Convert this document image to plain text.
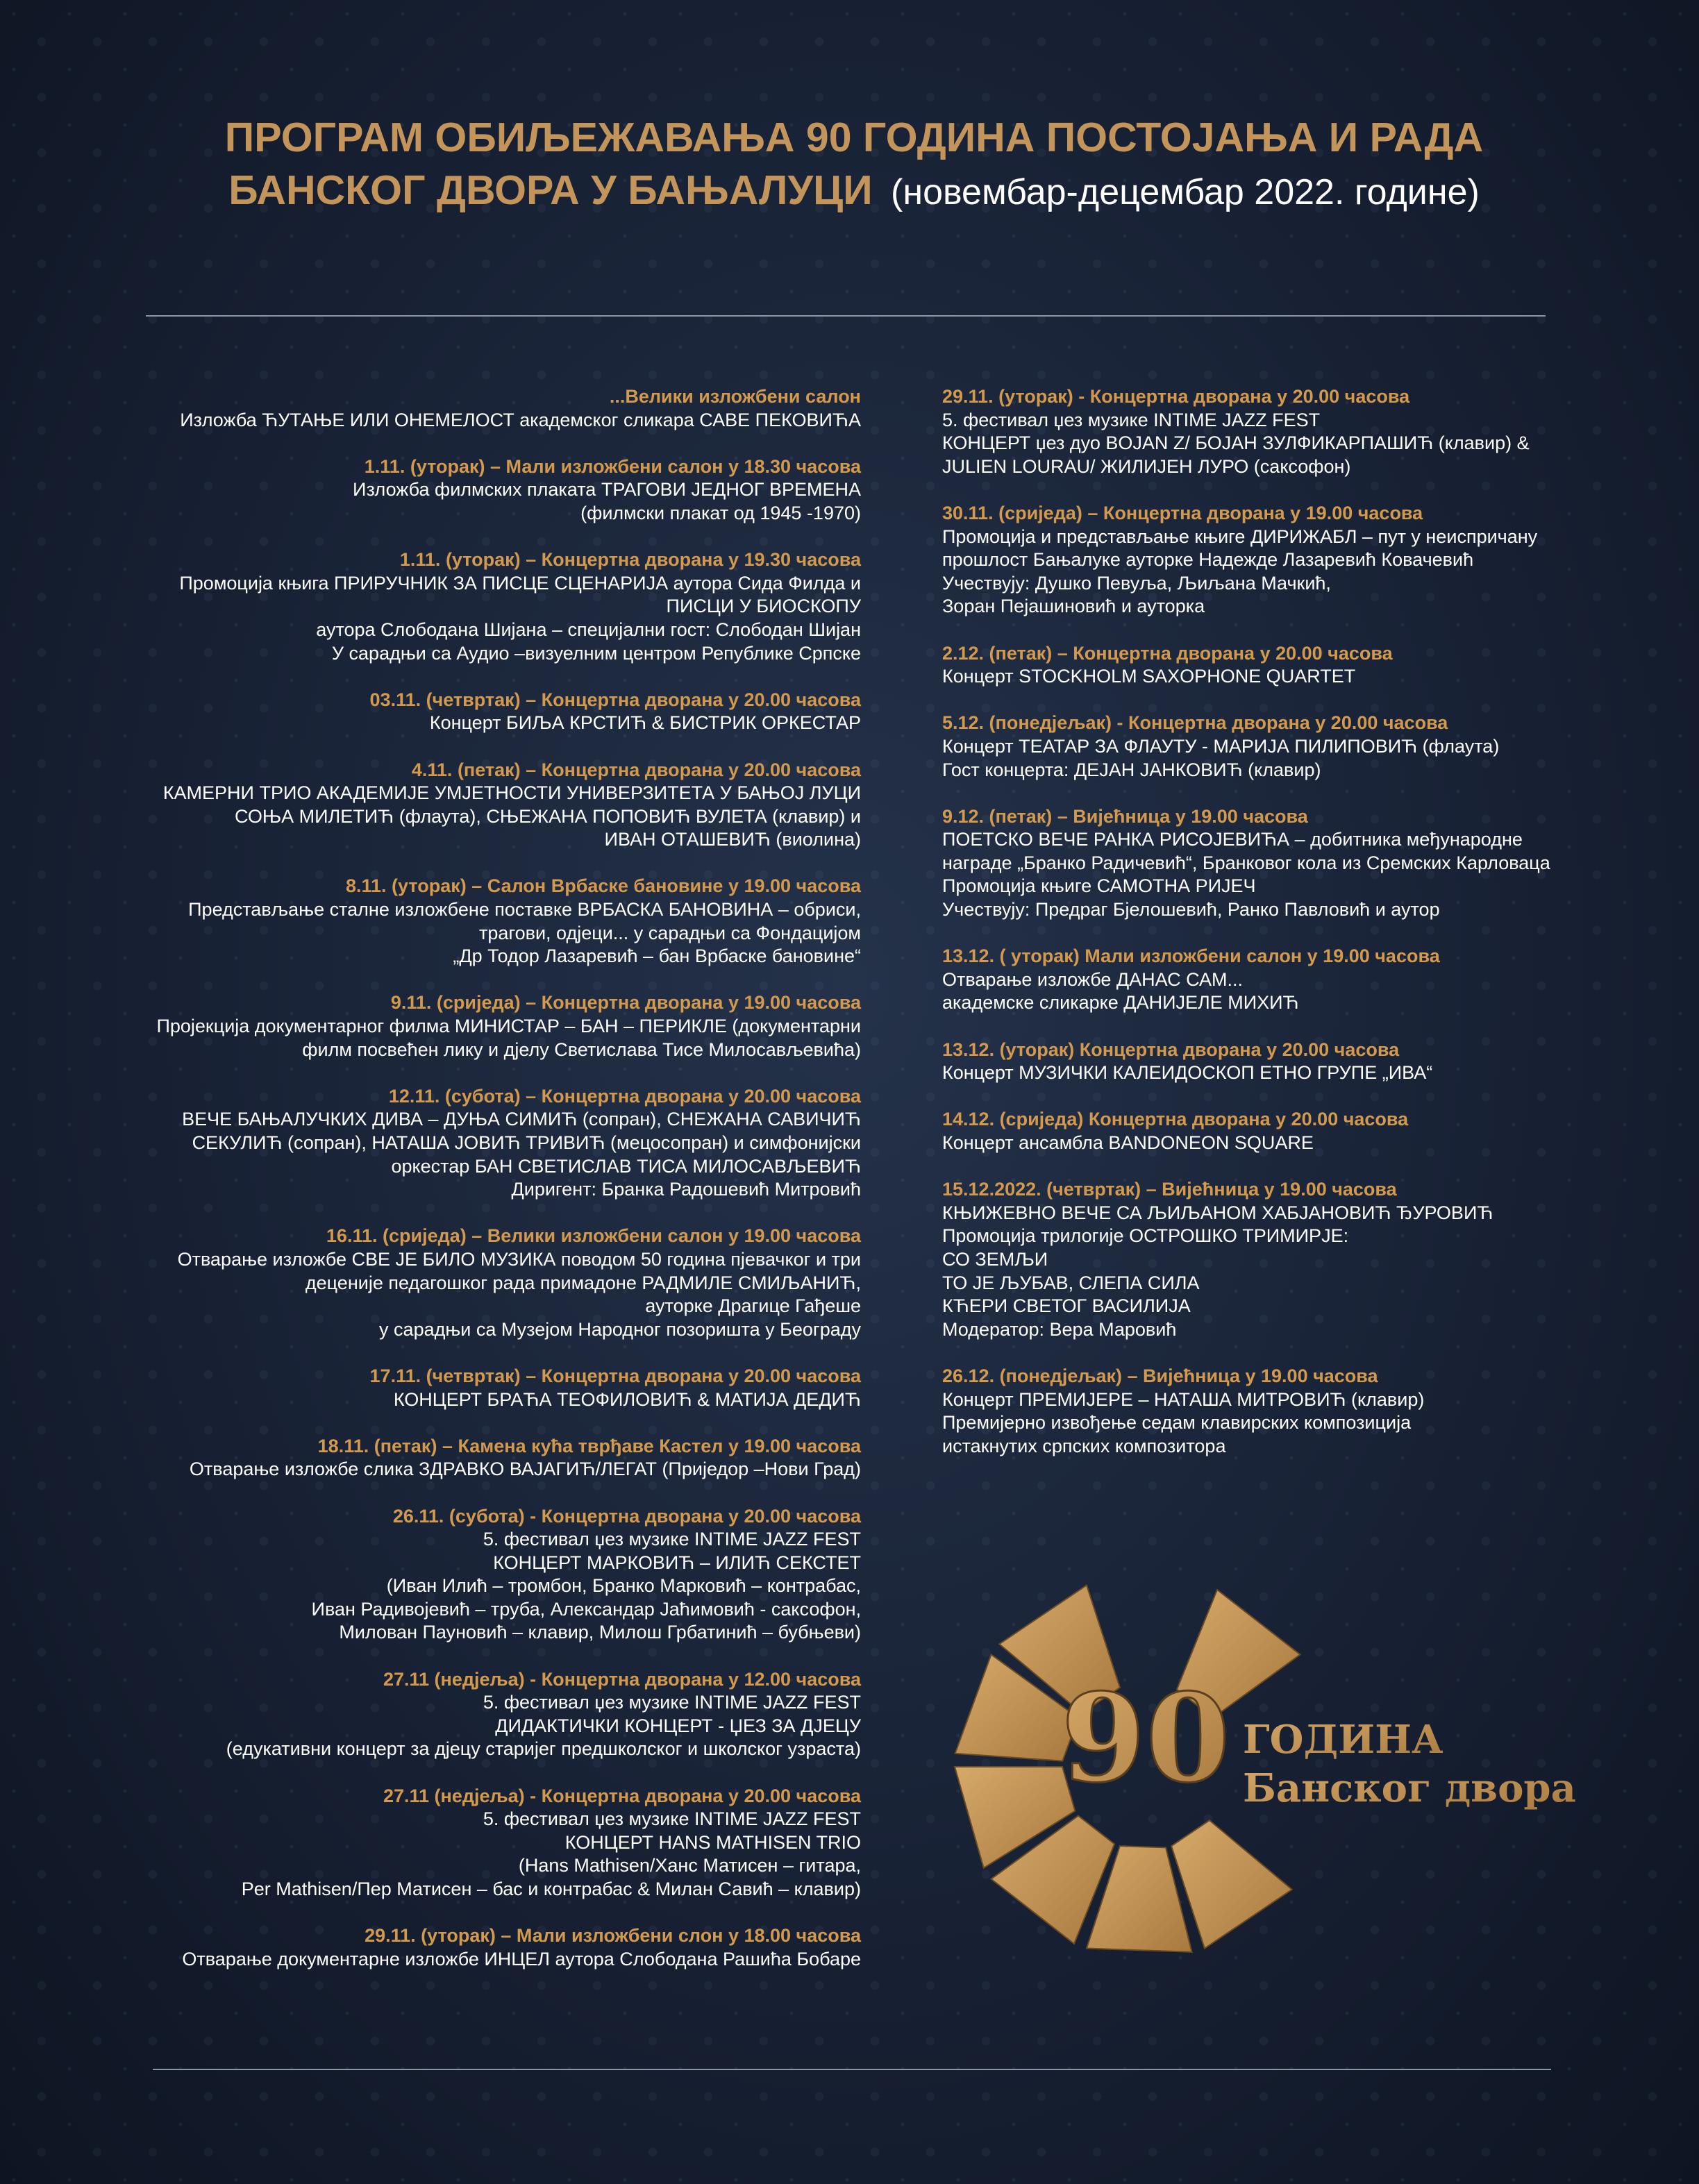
ПРОГРАМ ОБИЉЕЖАВАЊА 90 ГОДИНА ПОСТОЈАЊА И РАДА
БАНСКОГ ДВОРА У БАЊАЛУЦИ (новембар-децембар 2022. године)
...Велики изложбени салон
Изложба ЋУТАЊЕ ИЛИ ОНЕМЕЛОСТ академског сликара САВЕ ПЕКОВИЋА
1.11. (уторак) – Мали изложбени салон у 18.30 часова
Изложба филмских плаката ТРАГОВИ ЈЕДНОГ ВРЕМЕНА
(филмски плакат од 1945 -1970)
1.11. (уторак) – Концертна дворана у 19.30 часова
Промоција књига ПРИРУЧНИК ЗА ПИСЦЕ СЦЕНАРИЈА аутора Сида Филда и
ПИСЦИ У БИОСКОПУ
аутора Слободана Шијана – специјални гост: Слободан Шијан
У сарадњи са Аудио –визуелним центром Републике Српске
03.11. (четвртак) – Концертна дворана у 20.00 часова
Концерт БИЉА КРСТИЋ & БИСТРИК ОРКЕСТАР
4.11. (петак) – Концертна дворана у 20.00 часова
КАМЕРНИ ТРИО АКАДЕМИЈЕ УМЈЕТНОСТИ УНИВЕРЗИТЕТА У БАЊОЈ ЛУЦИ
СОЊА МИЛЕТИЋ (флаута), СЊЕЖАНА ПОПОВИЋ ВУЛЕТА (клавир) и
ИВАН ОТАШЕВИЋ (виолина)
8.11. (уторак) – Салон Врбаске бановине у 19.00 часова
Представљање сталне изложбене поставке ВРБАСКА БАНОВИНА – обриси,
трагови, одјеци... у сарадњи са Фондацијом
„Др Тодор Лазаревић – бан Врбаске бановине“
9.11. (сриједа) – Концертна дворана у 19.00 часова
Пројекција документарног филма МИНИСТАР – БАН – ПЕРИКЛЕ (документарни
филм посвећен лику и дјелу Светислава Тисе Милосављевића)
12.11. (субота) – Концертна дворана у 20.00 часова
ВЕЧЕ БАЊАЛУЧКИХ ДИВА – ДУЊА СИМИЋ (сопран), СНЕЖАНА САВИЧИЋ
СЕКУЛИЋ (сопран), НАТАША ЈОВИЋ ТРИВИЋ (мецосопран) и симфонијски
оркестар БАН СВЕТИСЛАВ ТИСА МИЛОСАВЉЕВИЋ
Диригент: Бранка Радошевић Митровић
16.11. (сриједа) – Велики изложбени салон у 19.00 часова
Отварање изложбе СВЕ ЈЕ БИЛО МУЗИКА поводом 50 година пјевачког и три
деценије педагошког рада примадоне РАДМИЛЕ СМИЉАНИЋ,
ауторке Драгице Гађеше
у сарадњи са Музејом Народног позоришта у Београду
17.11. (четвртак) – Концертна дворана у 20.00 часова
КОНЦЕРТ БРАЋА ТЕОФИЛОВИЋ & МАТИЈА ДЕДИЋ
18.11. (петак) – Камена кућа тврђаве Кастел у 19.00 часова
Отварање изложбе слика ЗДРАВКО ВАЈАГИЋ/ЛЕГАТ (Приједор –Нови Град)
26.11. (субота) - Концертна дворана у 20.00 часова
5. фестивал џез музике INTIME JAZZ FEST
КОНЦЕРТ МАРКОВИЋ – ИЛИЋ СЕКСТЕТ
(Иван Илић – тромбон, Бранко Марковић – контрабас,
Иван Радивојевић – труба, Александар Јаћимовић - саксофон,
Милован Пауновић – клавир, Милош Грбатинић – бубњеви)
27.11 (недјеља) - Концертна дворана у 12.00 часова
5. фестивал џез музике INTIME JAZZ FEST
ДИДАКТИЧКИ КОНЦЕРТ - ЏЕЗ ЗА ДЈЕЦУ
(едукативни концерт за дјецу старијег предшколског и школског узраста)
27.11 (недјеља) - Концертна дворана у 20.00 часова
5. фестивал џез музике INTIME JAZZ FEST
КОНЦЕРТ HANS MATHISEN TRIO
(Hans Mathisen/Ханс Матисен – гитара,
Per Mathisen/Пер Матисен – бас и контрабас & Милан Савић – клавир)
29.11. (уторак) – Мали изложбени слон у 18.00 часова
Отварање документарне изложбе ИНЦЕЛ аутора Слободана Рашића Бобаре
29.11. (уторак) - Концертна дворана у 20.00 часова
5. фестивал џез музике INTIME JAZZ FEST
КОНЦЕРТ џез дуо BOJAN Z/ БОЈАН ЗУЛФИКАРПАШИЋ (клавир) &
JULIEN LOURAU/ ЖИЛИЈЕН ЛУРО (саксофон)
30.11. (сриједа) – Концертна дворана у 19.00 часова
Промоција и представљање књиге ДИРИЖАБЛ – пут у неиспричану
прошлост Бањалуке ауторке Надежде Лазаревић Ковачевић
Учествују: Душко Певуља, Љиљана Мачкић,
Зоран Пејашиновић и ауторка
2.12. (петак) – Концертна дворана у 20.00 часова
Концерт STOCKHOLM SAXOPHONE QUARTET
5.12. (понедјељак) - Концертна дворана у 20.00 часова
Концерт ТЕАТАР ЗА ФЛАУТУ - МАРИЈА ПИЛИПОВИЋ (флаута)
Гост концерта: ДЕЈАН ЈАНКОВИЋ (клавир)
9.12. (петак) – Вијећница у 19.00 часова
ПОЕТСКО ВЕЧЕ РАНКА РИСОЈЕВИЋА – добитника међународне
награде „Бранко Радичевић“, Бранковог кола из Сремских Карловаца
Промоција књиге САМОТНА РИЈЕЧ
Учествују: Предраг Бјелошевић, Ранко Павловић и аутор
13.12. ( уторак) Мали изложбени салон у 19.00 часова
Отварање изложбе ДАНАС САМ...
академске сликарке ДАНИЈЕЛЕ МИХИЋ
13.12. (уторак) Концертна дворана у 20.00 часова
Концерт МУЗИЧКИ КАЛЕИДОСКОП ЕТНО ГРУПЕ „ИВА“
14.12. (сриједа) Концертна дворана у 20.00 часова
Концерт ансамбла BANDONEON SQUARE
15.12.2022. (четвртак) – Вијећница у 19.00 часова
КЊИЖЕВНО ВЕЧЕ СА ЉИЉАНОМ ХАБЈАНОВИЋ ЂУРОВИЋ
Промоција трилогије ОСТРОШКО ТРИМИРЈЕ:
СО ЗЕМЉИ
ТО ЈЕ ЉУБАВ, СЛЕПА СИЛА
КЋЕРИ СВЕТОГ ВАСИЛИЈА
Модератор: Вера Маровић
26.12. (понедјељак) – Вијећница у 19.00 часова
Концерт ПРЕМИЈЕРЕ – НАТАША МИТРОВИЋ (клавир)
Премијерно извођење седам клавирских композиција
истакнутих српских композитора
90 ГОДИНА
Банског двора
